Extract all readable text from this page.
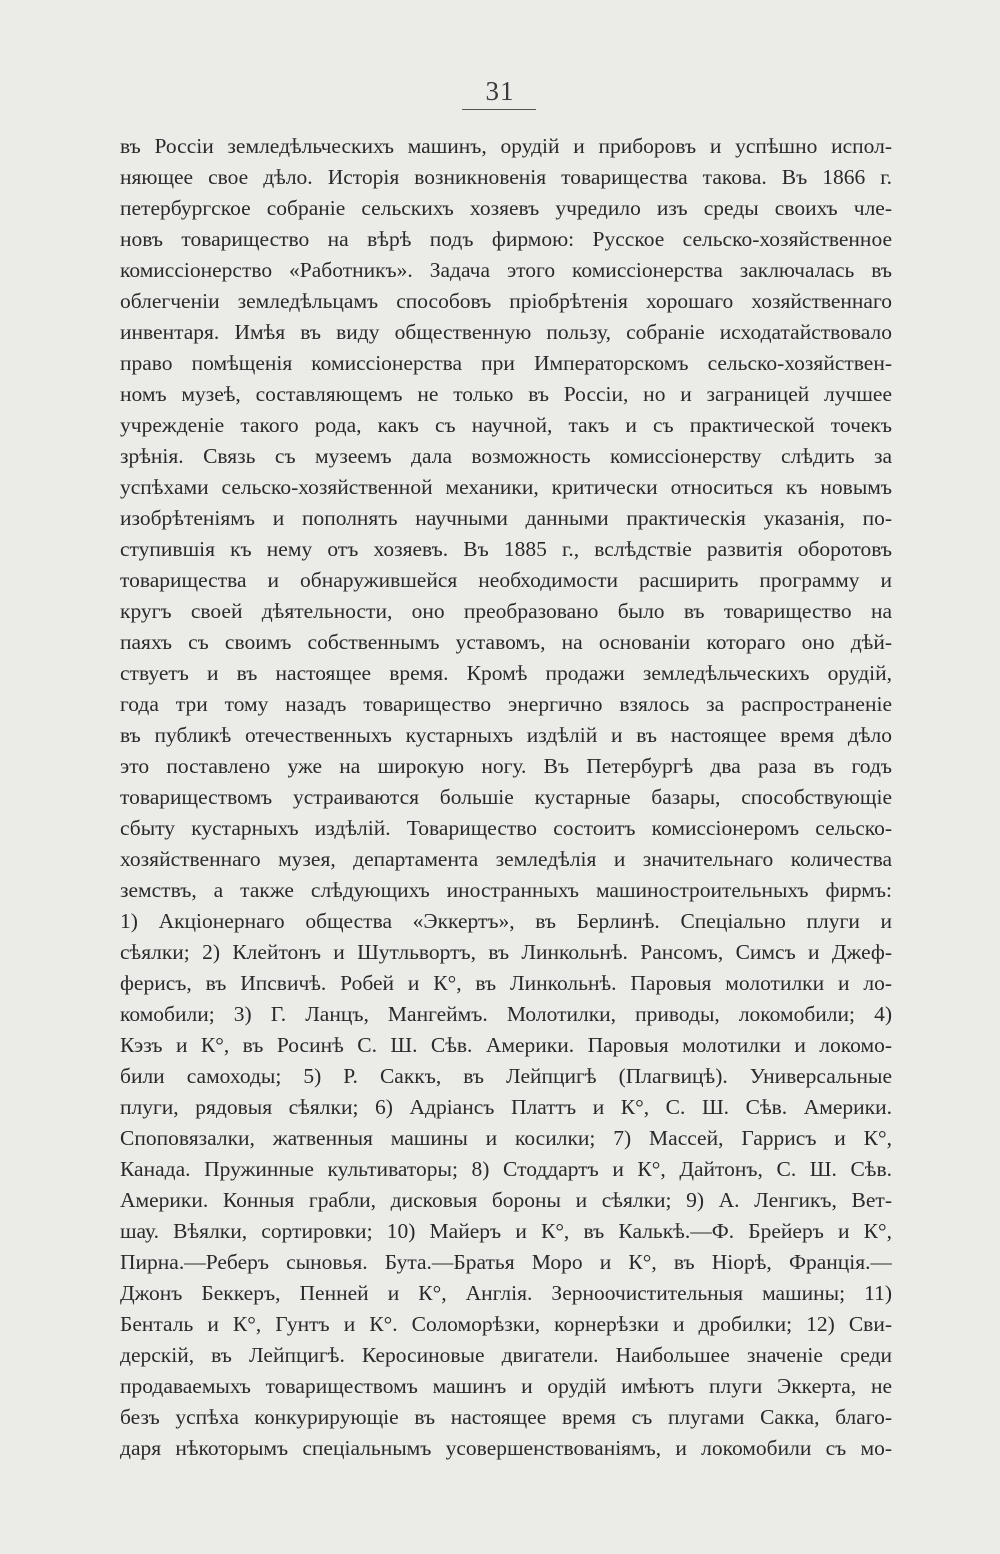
31
въ Россіи земледѣльческихъ машинъ, орудій и приборовъ и успѣшно испол-
няющее свое дѣло. Исторія возникновенія товарищества такова. Въ 1866 г.
петербургское собраніе сельскихъ хозяевъ учредило изъ среды своихъ чле-
новъ товарищество на вѣрѣ подъ фирмою: Русское сельско-хозяйственное
комиссіонерство «Работникъ». Задача этого комиссіонерства заключалась въ
облегченіи земледѣльцамъ способовъ пріобрѣтенія хорошаго хозяйственнаго
инвентаря. Имѣя въ виду общественную пользу, собраніе исходатайствовало
право помѣщенія комиссіонерства при Императорскомъ сельско-хозяйствен-
номъ музеѣ, составляющемъ не только въ Россіи, но и заграницей лучшее
учрежденіе такого рода, какъ съ научной, такъ и съ практической точекъ
зрѣнія. Связь съ музеемъ дала возможность комиссіонерству слѣдить за
успѣхами сельско-хозяйственной механики, критически относиться къ новымъ
изобрѣтеніямъ и пополнять научными данными практическія указанія, по-
ступившія къ нему отъ хозяевъ. Въ 1885 г., вслѣдствіе развитія оборотовъ
товарищества и обнаружившейся необходимости расширить программу и
кругъ своей дѣятельности, оно преобразовано было въ товарищество на
паяхъ съ своимъ собственнымъ уставомъ, на основаніи котораго оно дѣй-
ствуетъ и въ настоящее время. Кромѣ продажи земледѣльческихъ орудій,
года три тому назадъ товарищество энергично взялось за распространеніе
въ публикѣ отечественныхъ кустарныхъ издѣлій и въ настоящее время дѣло
это поставлено уже на широкую ногу. Въ Петербургѣ два раза въ годъ
товариществомъ устраиваются большіе кустарные базары, способствующіе
сбыту кустарныхъ издѣлій. Товарищество состоитъ комиссіонеромъ сельско-
хозяйственнаго музея, департамента земледѣлія и значительнаго количества
земствъ, а также слѣдующихъ иностранныхъ машиностроительныхъ фирмъ:
1) Акціонернаго общества «Эккертъ», въ Берлинѣ. Спеціально плуги и
сѣялки; 2) Клейтонъ и Шутльвортъ, въ Линкольнѣ. Рансомъ, Симсъ и Джеф-
ферисъ, въ Ипсвичѣ. Робей и К°, въ Линкольнѣ. Паровыя молотилки и ло-
комобили; 3) Г. Ланцъ, Мангеймъ. Молотилки, приводы, локомобили; 4)
Кэзъ и К°, въ Росинѣ С. Ш. Сѣв. Америки. Паровыя молотилки и локомо-
били самоходы; 5) Р. Саккъ, въ Лейпцигѣ (Плагвицѣ). Универсальные
плуги, рядовыя сѣялки; 6) Адріансъ Платтъ и К°, С. Ш. Сѣв. Америки.
Споповязалки, жатвенныя машины и косилки; 7) Массей, Гаррисъ и К°,
Канада. Пружинные культиваторы; 8) Стоддартъ и К°, Дайтонъ, С. Ш. Сѣв.
Америки. Конныя грабли, дисковыя бороны и сѣялки; 9) А. Ленгикъ, Вет-
шау. Вѣялки, сортировки; 10) Майеръ и К°, въ Калькѣ.—Ф. Брейеръ и К°,
Пирна.—Реберъ сыновья. Бута.—Братья Моро и К°, въ Ніорѣ, Франція.—
Джонъ Беккеръ, Пенней и К°, Англія. Зерноочистительныя машины; 11)
Бенталь и К°, Гунтъ и К°. Соломорѣзки, корнерѣзки и дробилки; 12) Сви-
дерскій, въ Лейпцигѣ. Керосиновые двигатели. Наибольшее значеніе среди
продаваемыхъ товариществомъ машинъ и орудій имѣютъ плуги Эккерта, не
безъ успѣха конкурирующіе въ настоящее время съ плугами Сакка, благо-
даря нѣкоторымъ спеціальнымъ усовершенствованіямъ, и локомобили съ мо-
